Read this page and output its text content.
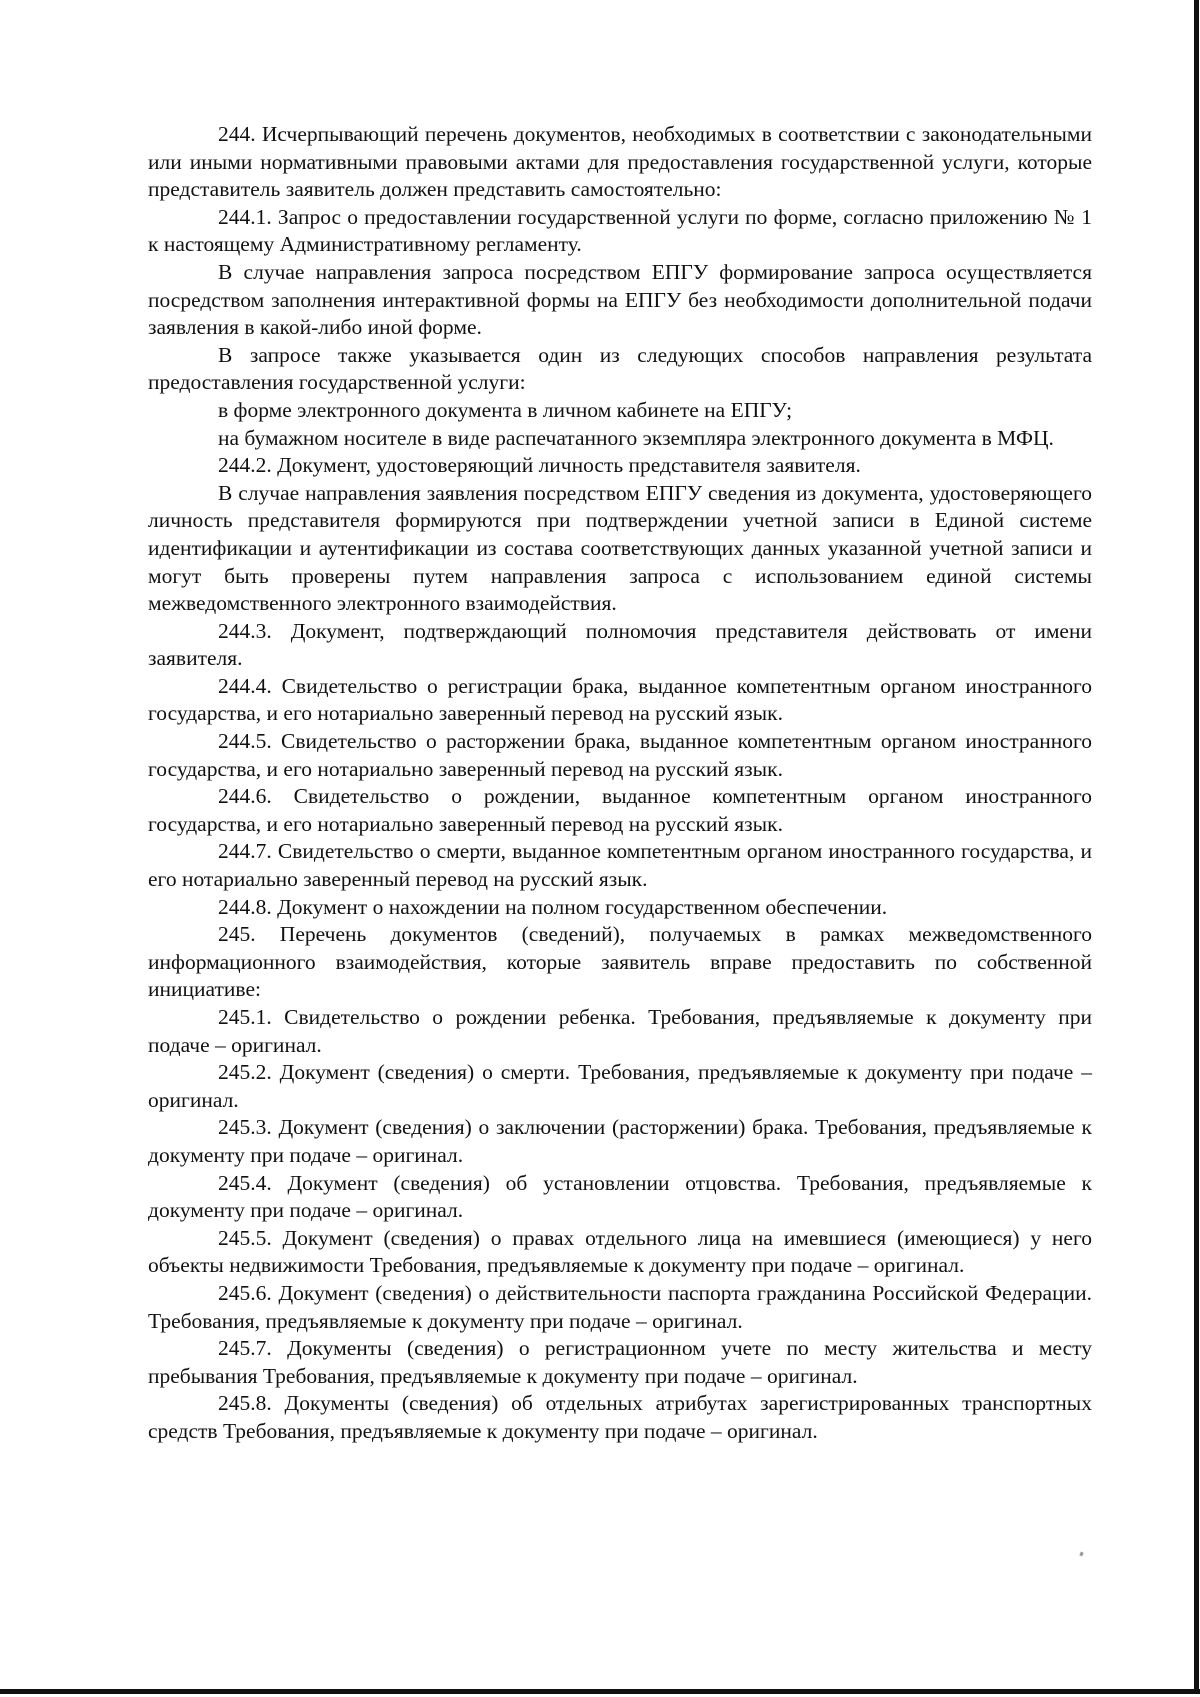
244. Исчерпывающий перечень документов, необходимых в соответствии с законодательными или иными нормативными правовыми актами для предоставления государственной услуги, которые представитель заявитель должен представить самостоятельно:

244.1. Запрос о предоставлении государственной услуги по форме, согласно приложению № 1 к настоящему Административному регламенту.

В случае направления запроса посредством ЕПГУ формирование запроса осуществляется посредством заполнения интерактивной формы на ЕПГУ без необходимости дополнительной подачи заявления в какой-либо иной форме.

В запросе также указывается один из следующих способов направления результата предоставления государственной услуги:

в форме электронного документа в личном кабинете на ЕПГУ;

на бумажном носителе в виде распечатанного экземпляра электронного документа в МФЦ.

244.2. Документ, удостоверяющий личность представителя заявителя.

В случае направления заявления посредством ЕПГУ сведения из документа, удостоверяющего личность представителя формируются при подтверждении учетной записи в Единой системе идентификации и аутентификации из состава соответствующих данных указанной учетной записи и могут быть проверены путем направления запроса с использованием единой системы межведомственного электронного взаимодействия.

244.3. Документ, подтверждающий полномочия представителя действовать от имени заявителя.

244.4. Свидетельство о регистрации брака, выданное компетентным органом иностранного государства, и его нотариально заверенный перевод на русский язык.

244.5. Свидетельство о расторжении брака, выданное компетентным органом иностранного государства, и его нотариально заверенный перевод на русский язык.

244.6. Свидетельство о рождении, выданное компетентным органом иностранного государства, и его нотариально заверенный перевод на русский язык.

244.7. Свидетельство о смерти, выданное компетентным органом иностранного государства, и его нотариально заверенный перевод на русский язык.

244.8. Документ о нахождении на полном государственном обеспечении.

245. Перечень документов (сведений), получаемых в рамках межведомственного информационного взаимодействия, которые заявитель вправе предоставить по собственной инициативе:

245.1. Свидетельство о рождении ребенка. Требования, предъявляемые к документу при подаче – оригинал.

245.2. Документ (сведения) о смерти. Требования, предъявляемые к документу при подаче – оригинал.

245.3. Документ (сведения) о заключении (расторжении) брака. Требования, предъявляемые к документу при подаче – оригинал.

245.4. Документ (сведения) об установлении отцовства. Требования, предъявляемые к документу при подаче – оригинал.

245.5. Документ (сведения) о правах отдельного лица на имевшиеся (имеющиеся) у него объекты недвижимости Требования, предъявляемые к документу при подаче – оригинал.

245.6. Документ (сведения) о действительности паспорта гражданина Российской Федерации. Требования, предъявляемые к документу при подаче – оригинал.

245.7. Документы (сведения) о регистрационном учете по месту жительства и месту пребывания Требования, предъявляемые к документу при подаче – оригинал.

245.8. Документы (сведения) об отдельных атрибутах зарегистрированных транспортных средств Требования, предъявляемые к документу при подаче – оригинал.
